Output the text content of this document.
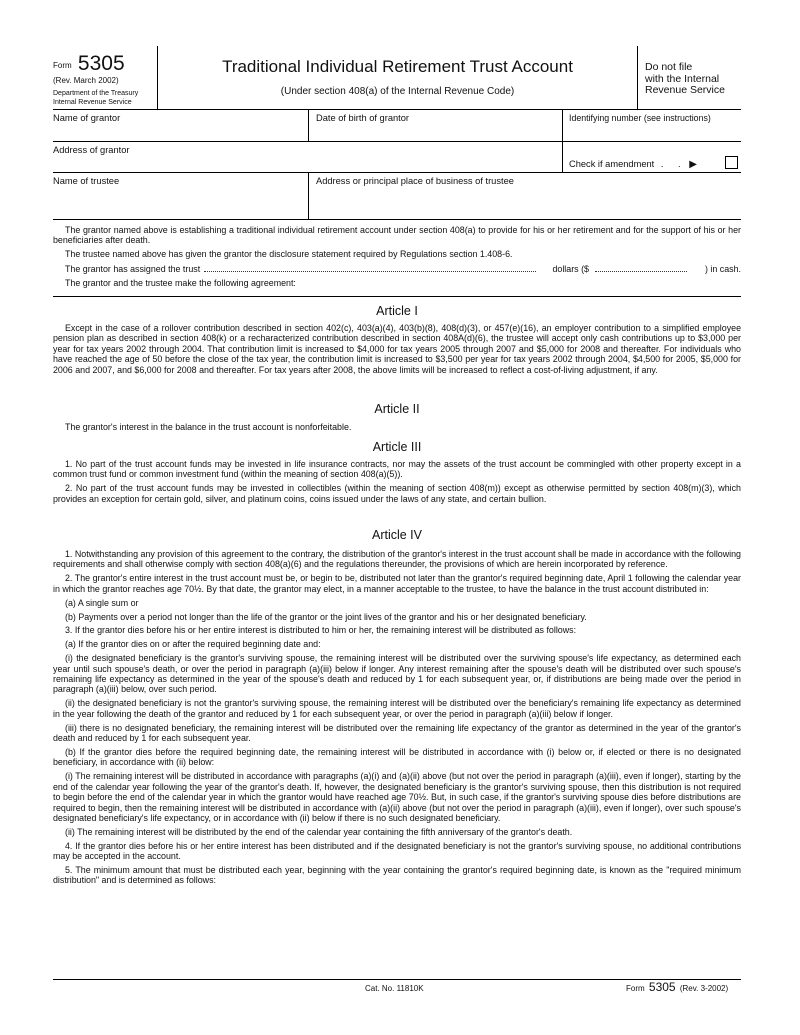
Form 5305
(Rev. March 2002)
Department of the Treasury
Internal Revenue Service
Traditional Individual Retirement Trust Account
(Under section 408(a) of the Internal Revenue Code)
Do not file
with the Internal
Revenue Service
Name of grantor	Date of birth of grantor	Identifying number (see instructions)
Address of grantor
Check if amendment . . ▶
Name of trustee	Address or principal place of business of trustee

The grantor named above is establishing a traditional individual retirement account under section 408(a) to provide for his or her retirement and for the support of his or her beneficiaries after death.

The trustee named above has given the grantor the disclosure statement required by Regulations section 1.408-6.

The grantor has assigned the trust	dollars ($	) in cash.

The grantor and the trustee make the following agreement:

Article I

Except in the case of a rollover contribution described in section 402(c), 403(a)(4), 403(b)(8), 408(d)(3), or 457(e)(16), an employer contribution to a simplified employee pension plan as described in section 408(k) or a recharacterized contribution described in section 408A(d)(6), the trustee will accept only cash contributions up to $3,000 per year for tax years 2002 through 2004. That contribution limit is increased to $4,000 for tax years 2005 through 2007 and $5,000 for 2008 and thereafter. For individuals who have reached the age of 50 before the close of the tax year, the contribution limit is increased to $3,500 per year for tax years 2002 through 2004, $4,500 for 2005, $5,000 for 2006 and 2007, and $6,000 for 2008 and thereafter. For tax years after 2008, the above limits will be increased to reflect a cost-of-living adjustment, if any.

Article II

The grantor's interest in the balance in the trust account is nonforfeitable.

Article III

1. No part of the trust account funds may be invested in life insurance contracts, nor may the assets of the trust account be commingled with other property except in a common trust fund or common investment fund (within the meaning of section 408(a)(5)).

2. No part of the trust account funds may be invested in collectibles (within the meaning of section 408(m)) except as otherwise permitted by section 408(m)(3), which provides an exception for certain gold, silver, and platinum coins, coins issued under the laws of any state, and certain bullion.

Article IV

1. Notwithstanding any provision of this agreement to the contrary, the distribution of the grantor's interest in the trust account shall be made in accordance with the following requirements and shall otherwise comply with section 408(a)(6) and the regulations thereunder, the provisions of which are herein incorporated by reference.

2. The grantor's entire interest in the trust account must be, or begin to be, distributed not later than the grantor's required beginning date, April 1 following the calendar year in which the grantor reaches age 70½. By that date, the grantor may elect, in a manner acceptable to the trustee, to have the balance in the trust account distributed in:

(a) A single sum or

(b) Payments over a period not longer than the life of the grantor or the joint lives of the grantor and his or her designated beneficiary.

3. If the grantor dies before his or her entire interest is distributed to him or her, the remaining interest will be distributed as follows:

(a) If the grantor dies on or after the required beginning date and:

(i) the designated beneficiary is the grantor's surviving spouse, the remaining interest will be distributed over the surviving spouse's life expectancy, as determined each year until such spouse's death, or over the period in paragraph (a)(iii) below if longer. Any interest remaining after the spouse's death will be distributed over such spouse's remaining life expectancy as determined in the year of the spouse's death and reduced by 1 for each subsequent year, or, if distributions are being made over the period in paragraph (a)(iii) below, over such period.

(ii) the designated beneficiary is not the grantor's surviving spouse, the remaining interest will be distributed over the beneficiary's remaining life expectancy as determined in the year following the death of the grantor and reduced by 1 for each subsequent year, or over the period in paragraph (a)(iii) below if longer.

(iii) there is no designated beneficiary, the remaining interest will be distributed over the remaining life expectancy of the grantor as determined in the year of the grantor's death and reduced by 1 for each subsequent year.

(b) If the grantor dies before the required beginning date, the remaining interest will be distributed in accordance with (i) below or, if elected or there is no designated beneficiary, in accordance with (ii) below:

(i) The remaining interest will be distributed in accordance with paragraphs (a)(i) and (a)(ii) above (but not over the period in paragraph (a)(iii), even if longer), starting by the end of the calendar year following the year of the grantor's death. If, however, the designated beneficiary is the grantor's surviving spouse, then this distribution is not required to begin before the end of the calendar year in which the grantor would have reached age 70½. But, in such case, if the grantor's surviving spouse dies before distributions are required to begin, then the remaining interest will be distributed in accordance with (a)(ii) above (but not over the period in paragraph (a)(iii), even if longer), over such spouse's designated beneficiary's life expectancy, or in accordance with (ii) below if there is no such designated beneficiary.

(ii) The remaining interest will be distributed by the end of the calendar year containing the fifth anniversary of the grantor's death.

4. If the grantor dies before his or her entire interest has been distributed and if the designated beneficiary is not the grantor's surviving spouse, no additional contributions may be accepted in the account.

5. The minimum amount that must be distributed each year, beginning with the year containing the grantor's required beginning date, is known as the "required minimum distribution" and is determined as follows:

Cat. No. 11810K	Form 5305 (Rev. 3-2002)
